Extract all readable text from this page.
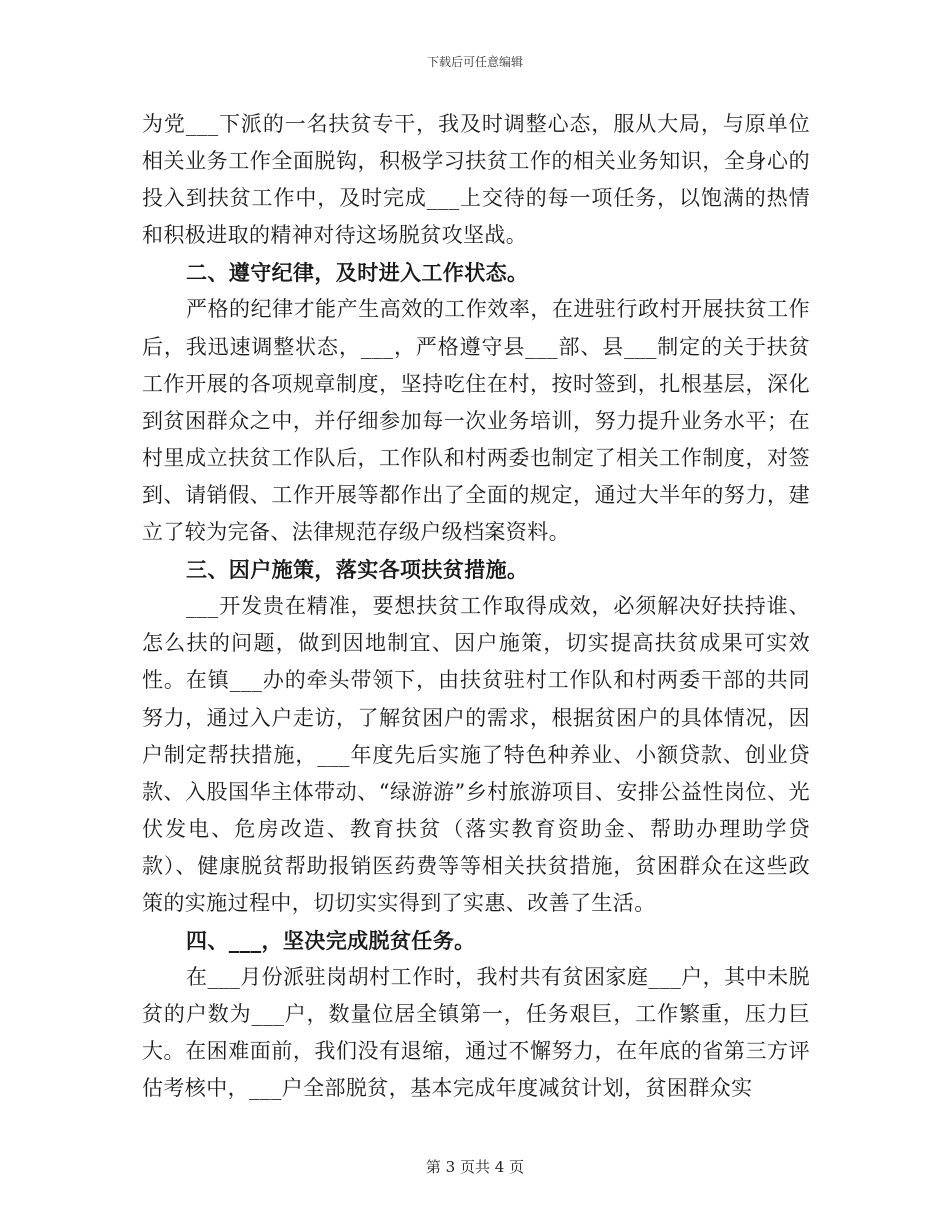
下载后可任意编辑

为党___下派的一名扶贫专干，我及时调整心态，服从大局，与原单位相关业务工作全面脱钩，积极学习扶贫工作的相关业务知识，全身心的投入到扶贫工作中，及时完成___上交待的每一项任务，以饱满的热情和积极进取的精神对待这场脱贫攻坚战。

二、遵守纪律，及时进入工作状态。

严格的纪律才能产生高效的工作效率，在进驻行政村开展扶贫工作后，我迅速调整状态，___，严格遵守县___部、县___制定的关于扶贫工作开展的各项规章制度，坚持吃住在村，按时签到，扎根基层，深化到贫困群众之中，并仔细参加每一次业务培训，努力提升业务水平；在村里成立扶贫工作队后，工作队和村两委也制定了相关工作制度，对签到、请销假、工作开展等都作出了全面的规定，通过大半年的努力，建立了较为完备、法律规范存级户级档案资料。

三、因户施策，落实各项扶贫措施。

___开发贵在精准，要想扶贫工作取得成效，必须解决好扶持谁、怎么扶的问题，做到因地制宜、因户施策，切实提高扶贫成果可实效性。在镇___办的牵头带领下，由扶贫驻村工作队和村两委干部的共同努力，通过入户走访，了解贫困户的需求，根据贫困户的具体情况，因户制定帮扶措施，___年度先后实施了特色种养业、小额贷款、创业贷款、入股国华主体带动、“绿游游”乡村旅游项目、安排公益性岗位、光伏发电、危房改造、教育扶贫（落实教育资助金、帮助办理助学贷款）、健康脱贫帮助报销医药费等等相关扶贫措施，贫困群众在这些政策的实施过程中，切切实实得到了实惠、改善了生活。

四、___，坚决完成脱贫任务。

在___月份派驻岗胡村工作时，我村共有贫困家庭___户，其中未脱贫的户数为___户，数量位居全镇第一，任务艰巨，工作繁重，压力巨大。在困难面前，我们没有退缩，通过不懈努力，在年底的省第三方评估考核中，___户全部脱贫，基本完成年度减贫计划，贫困群众实

第 3 页共 4 页
